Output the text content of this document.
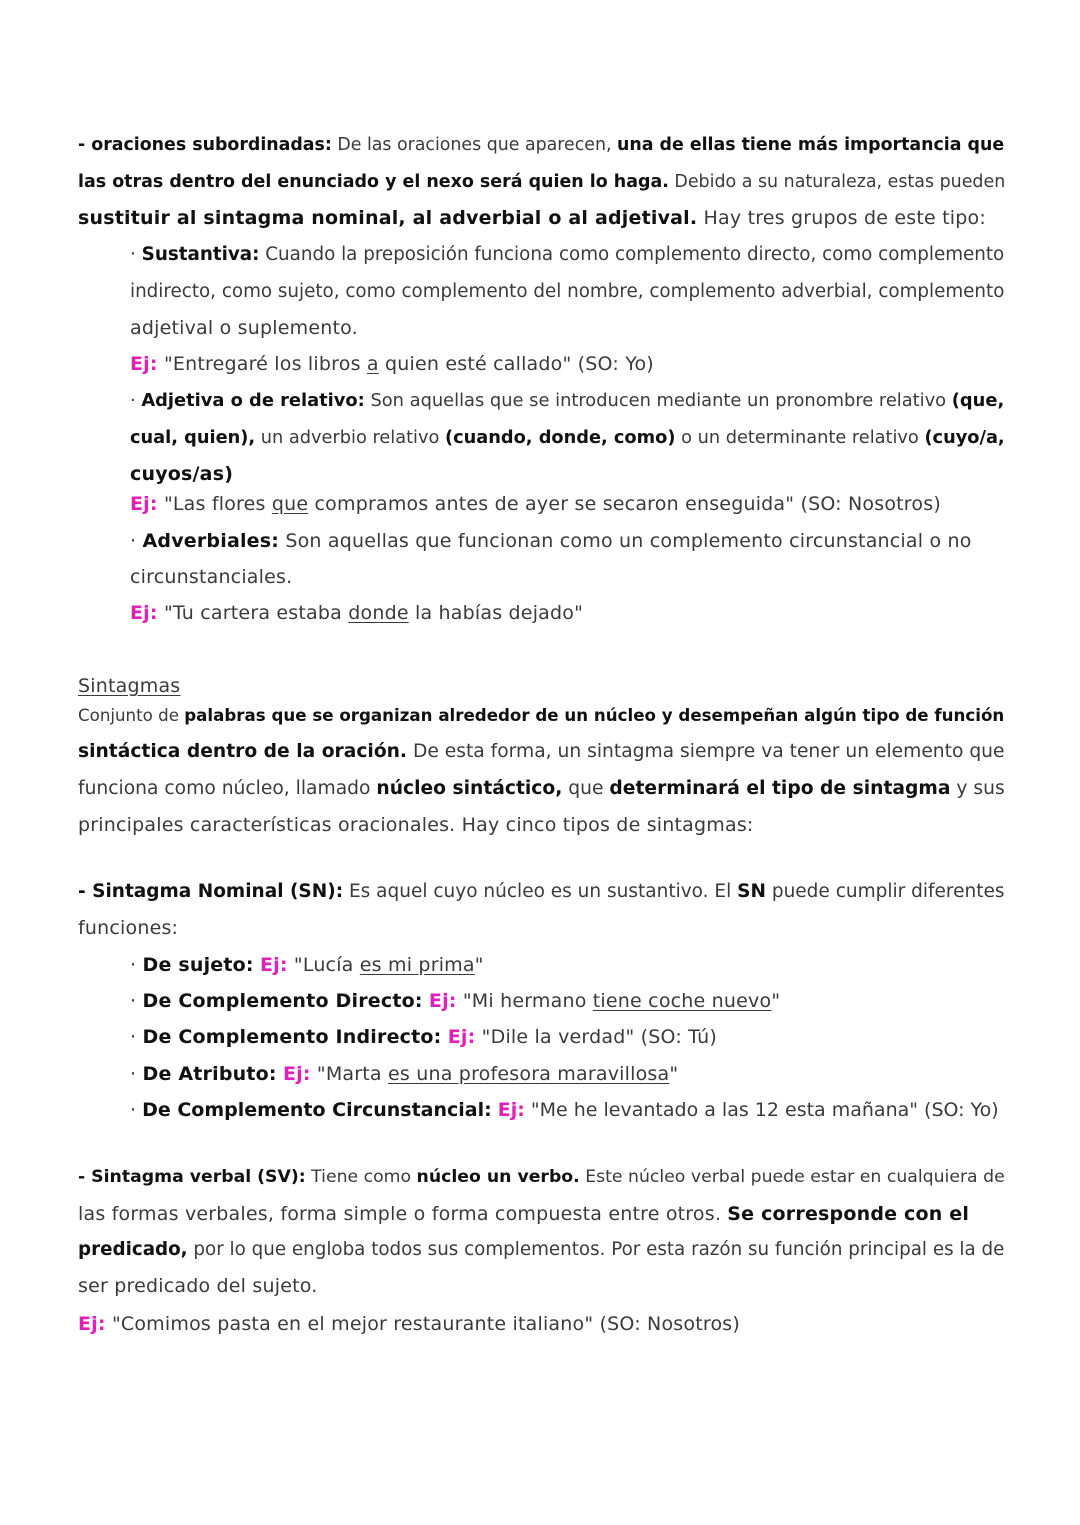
- oraciones subordinadas: De las oraciones que aparecen, una de ellas tiene más importancia que
las otras dentro del enunciado y el nexo será quien lo haga. Debido a su naturaleza, estas pueden
sustituir al sintagma nominal, al adverbial o al adjetival. Hay tres grupos de este tipo:
· Sustantiva: Cuando la preposición funciona como complemento directo, como complemento
indirecto, como sujeto, como complemento del nombre, complemento adverbial, complemento
adjetival o suplemento.
Ej: "Entregaré los libros a quien esté callado" (SO: Yo)
· Adjetiva o de relativo: Son aquellas que se introducen mediante un pronombre relativo (que,
cual, quien), un adverbio relativo (cuando, donde, como) o un determinante relativo (cuyo/a,
cuyos/as)
Ej: "Las flores que compramos antes de ayer se secaron enseguida" (SO: Nosotros)
· Adverbiales: Son aquellas que funcionan como un complemento circunstancial o no
circunstanciales.
Ej: "Tu cartera estaba donde la habías dejado"
Sintagmas
Conjunto de palabras que se organizan alrededor de un núcleo y desempeñan algún tipo de función
sintáctica dentro de la oración. De esta forma, un sintagma siempre va tener un elemento que
funciona como núcleo, llamado núcleo sintáctico, que determinará el tipo de sintagma y sus
principales características oracionales. Hay cinco tipos de sintagmas:
- Sintagma Nominal (SN): Es aquel cuyo núcleo es un sustantivo. El SN puede cumplir diferentes
funciones:
· De sujeto: Ej: "Lucía es mi prima"
· De Complemento Directo: Ej: "Mi hermano tiene coche nuevo"
· De Complemento Indirecto: Ej: "Dile la verdad" (SO: Tú)
· De Atributo: Ej: "Marta es una profesora maravillosa"
· De Complemento Circunstancial: Ej: "Me he levantado a las 12 esta mañana" (SO: Yo)
- Sintagma verbal (SV): Tiene como núcleo un verbo. Este núcleo verbal puede estar en cualquiera de
las formas verbales, forma simple o forma compuesta entre otros. Se corresponde con el
predicado, por lo que engloba todos sus complementos. Por esta razón su función principal es la de
ser predicado del sujeto.
Ej: "Comimos pasta en el mejor restaurante italiano" (SO: Nosotros)
